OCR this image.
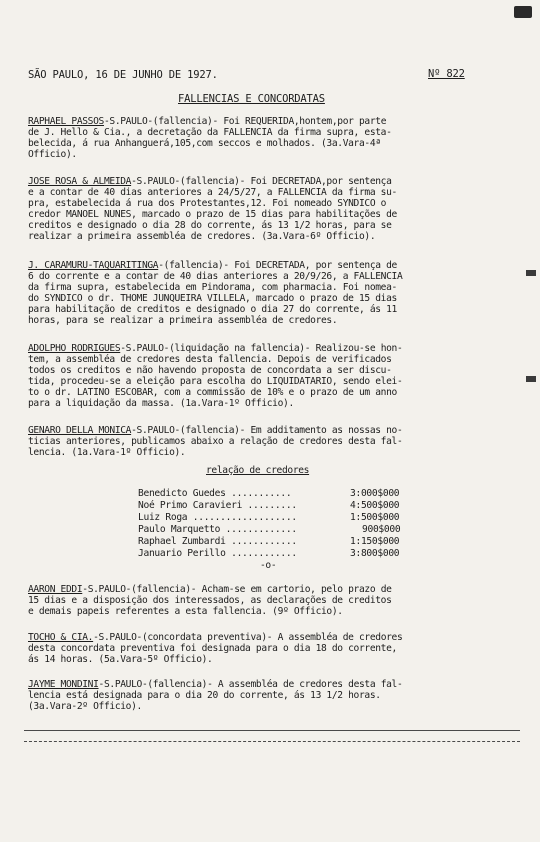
SÃO PAULO, 16 DE JUNHO DE 1927.	Nº 822
FALLENCIAS E CONCORDATAS
RAPHAEL PASSOS-S.PAULO-(fallencia)- Foi REQUERIDA,hontem,por parte
de J. Hello & Cia., a decretação da FALLENCIA da firma supra, esta-
belecida, á rua Anhanguerá,105,com seccos e molhados. (3a.Vara-4ª
Officio).
JOSE ROSA & ALMEIDA-S.PAULO-(fallencia)- Foi DECRETADA,por sentença
e a contar de 40 dias anteriores a 24/5/27, a FALLENCIA da firma su-
pra, estabelecida á rua dos Protestantes,12. Foi nomeado SYNDICO o
credor MANOEL NUNES, marcado o prazo de 15 dias para habilitações de
creditos e designado o dia 28 do corrente, ás 13 1/2 horas, para se
realizar a primeira assembléa de credores. (3a.Vara-6º Officio).
J. CARAMURU-TAQUARITINGA-(fallencia)- Foi DECRETADA, por sentença de
6 do corrente e a contar de 40 dias anteriores a 20/9/26, a FALLENCIA
da firma supra, estabelecida em Pindorama, com pharmacia. Foi nomea-
do SYNDICO o dr. THOME JUNQUEIRA VILLELA, marcado o prazo de 15 dias
para habilitação de creditos e designado o dia 27 do corrente, ás 11
horas, para se realizar a primeira assembléa de credores.
ADOLPHO RODRIGUES-S.PAULO-(liquidação na fallencia)- Realizou-se hon-
tem, a assembléa de credores desta fallencia. Depois de verificados
todos os creditos e não havendo proposta de concordata a ser discu-
tida, procedeu-se a eleição para escolha do LIQUIDATARIO, sendo elei-
to o dr. LATINO ESCOBAR, com a commissão de 10% e o prazo de um anno
para a liquidação da massa. (1a.Vara-1º Officio).
GENARO DELLA MONICA-S.PAULO-(fallencia)- Em additamento as nossas no-
ticias anteriores, publicamos abaixo a relação de credores desta fal-
lencia. (1a.Vara-1º Officio).
relação de credores
Benedicto Guedes ...........	3:000$000
Noé Primo Caravieri .........	4:500$000
Luiz Roga ...................	1:500$000
Paulo Marquetto .............	900$000
Raphael Zumbardi ............	1:150$000
Januario Perillo ............	3:800$000
-o-
AARON EDDI-S.PAULO-(fallencia)- Acham-se em cartorio, pelo prazo de
15 dias e a disposição dos interessados, as declarações de creditos
e demais papeis referentes a esta fallencia. (9º Officio).
TOCHO & CIA.-S.PAULO-(concordata preventiva)- A assembléa de credores
desta concordata preventiva foi designada para o dia 18 do corrente,
ás 14 horas. (5a.Vara-5º Officio).
JAYME MONDINI-S.PAULO-(fallencia)- A assembléa de credores desta fal-
lencia está designada para o dia 20 do corrente, ás 13 1/2 horas.
(3a.Vara-2º Officio).
